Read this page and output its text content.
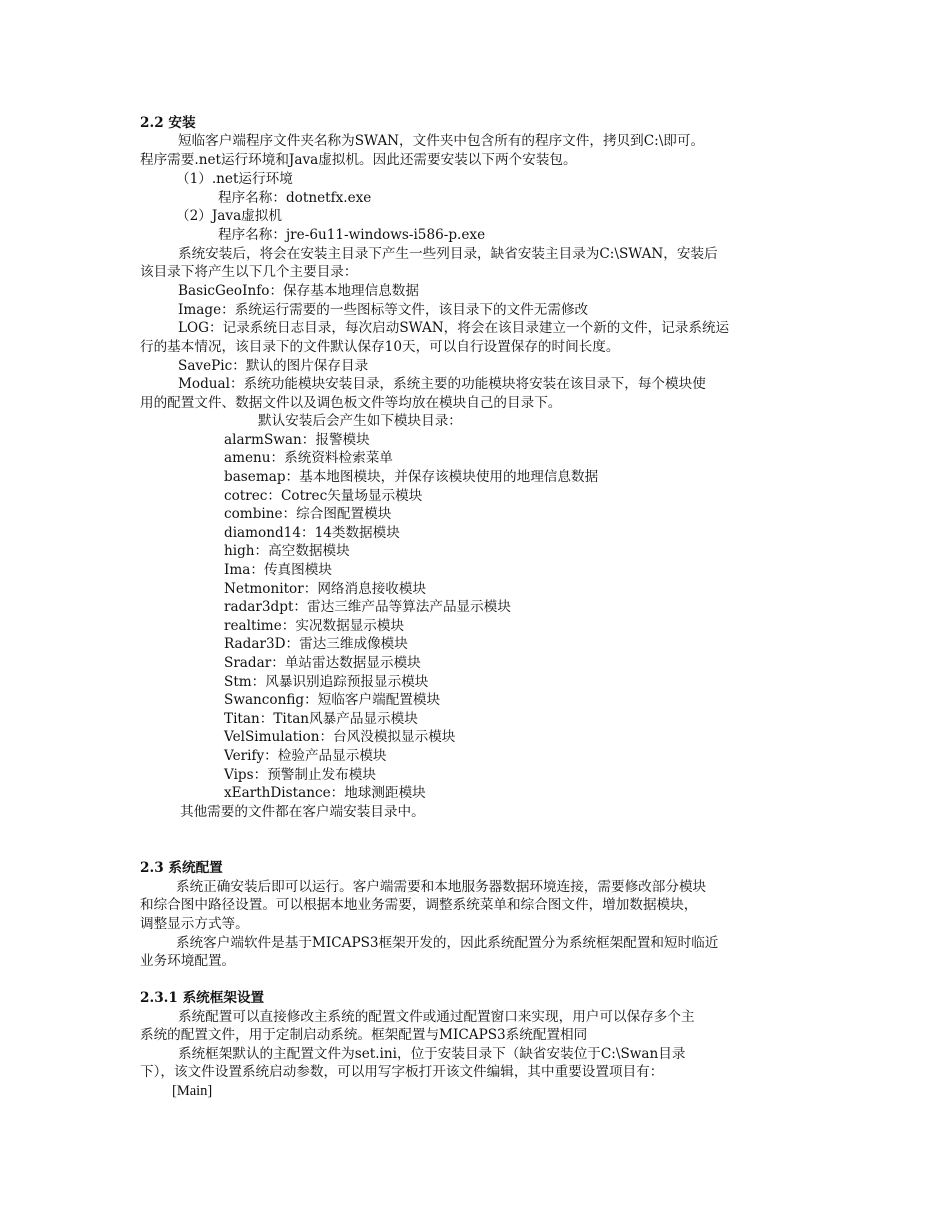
2.2 安装
短临客户端程序文件夹名称为SWAN，文件夹中包含所有的程序文件，拷贝到C:\即可。
程序需要.net运行环境和Java虚拟机。因此还需要安装以下两个安装包。
（1）.net运行环境
程序名称：dotnetfx.exe
（2）Java虚拟机
程序名称：jre-6u11-windows-i586-p.exe
系统安装后，将会在安装主目录下产生一些列目录，缺省安装主目录为C:\SWAN，安装后
该目录下将产生以下几个主要目录：
BasicGeoInfo：保存基本地理信息数据
Image：系统运行需要的一些图标等文件，该目录下的文件无需修改
LOG：记录系统日志目录，每次启动SWAN，将会在该目录建立一个新的文件，记录系统运
行的基本情况，该目录下的文件默认保存10天，可以自行设置保存的时间长度。
SavePic：默认的图片保存目录
Modual：系统功能模块安装目录，系统主要的功能模块将安装在该目录下，每个模块使
用的配置文件、数据文件以及调色板文件等均放在模块自己的目录下。
默认安装后会产生如下模块目录：
alarmSwan：报警模块
amenu：系统资料检索菜单
basemap：基本地图模块，并保存该模块使用的地理信息数据
cotrec：Cotrec矢量场显示模块
combine：综合图配置模块
diamond14：14类数据模块
high：高空数据模块
Ima：传真图模块
Netmonitor：网络消息接收模块
radar3dpt：雷达三维产品等算法产品显示模块
realtime：实况数据显示模块
Radar3D：雷达三维成像模块
Sradar：单站雷达数据显示模块
Stm：风暴识别追踪预报显示模块
Swanconfig：短临客户端配置模块
Titan：Titan风暴产品显示模块
VelSimulation：台风没模拟显示模块
Verify：检验产品显示模块
Vips：预警制止发布模块
xEarthDistance：地球测距模块
其他需要的文件都在客户端安装目录中。
2.3 系统配置
系统正确安装后即可以运行。客户端需要和本地服务器数据环境连接，需要修改部分模块
和综合图中路径设置。可以根据本地业务需要，调整系统菜单和综合图文件，增加数据模块，
调整显示方式等。
系统客户端软件是基于MICAPS3框架开发的，因此系统配置分为系统框架配置和短时临近
业务环境配置。
2.3.1 系统框架设置
系统配置可以直接修改主系统的配置文件或通过配置窗口来实现，用户可以保存多个主
系统的配置文件，用于定制启动系统。框架配置与MICAPS3系统配置相同
系统框架默认的主配置文件为set.ini，位于安装目录下（缺省安装位于C:\Swan目录
下），该文件设置系统启动参数，可以用写字板打开该文件编辑，其中重要设置项目有：
[Main]
